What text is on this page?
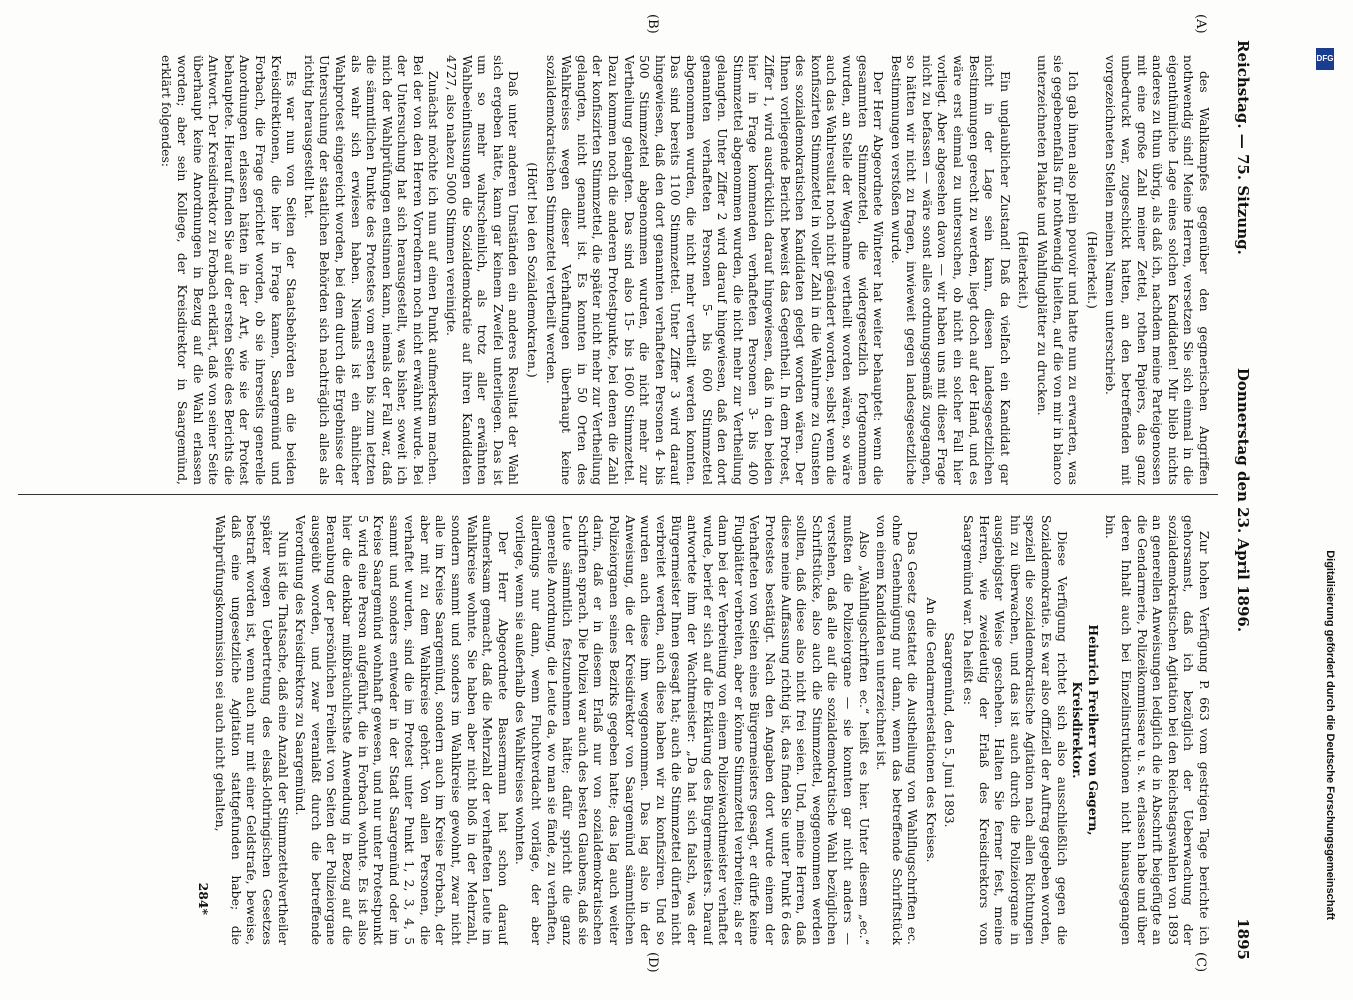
Reichstag. — 75. Sitzung.
Donnerstag den 23. April 1896.
1895
(A)
(B)
(C)
(D)

des Wahlkampfes gegenüber den gegnerischen Angriffen nothwendig sind! Meine Herren, versetzen Sie sich einmal in die eigenthümliche Lage eines solchen Kandidaten! Mir blieb nichts anderes zu thun übrig, als daß ich, nachdem meine Parteigenossen mit eine große Zahl meiner Zettel, rothen Papiers, das ganz unbedruckt war, zugeschickt hatten, an den betreffenden mit vorgezeichneten Stellen meinen Namen unterschrieb.

(Heiterkeit.)

Ich gab ihnen also plein pouvoir und hatte nun zu erwarten, was sie gegebenenfalls für nothwendig hielten, auf die von mir in blanco unterzeichneten Plakate und Wahlflugblätter zu drucken.

(Heiterkeit.)

Ein unglaublicher Zustand! Daß da vielfach ein Kandidat gar nicht in der Lage sein kann, diesen landesgesetzlichen Bestimmungen gerecht zu werden, liegt doch auf der Hand, und es wäre erst einmal zu untersuchen, ob nicht ein solcher Fall hier vorliegt. Aber abgesehen davon — wir haben uns mit dieser Frage nicht zu befassen — wäre sonst alles ordnungsgemäß zugegangen, so hätten wir nicht zu fragen, inwieweit gegen landesgesetzliche Bestimmungen verstoßen wurde.

Der Herr Abgeordnete Winterer hat weiter behauptet: wenn die gesammten Stimmzettel, die widergesetzlich fortgenommen wurden, an Stelle der Wegnahme vertheilt worden wären, so wäre auch das Wahlresultat noch nicht geändert worden, selbst wenn die konfiszirten Stimmzettel in voller Zahl in die Wahlurne zu Gunsten des sozialdemokratischen Kandidaten gelegt worden wären. Der Ihnen vorliegende Bericht beweist das Gegentheil. In dem Protest, Ziffer 1, wird ausdrücklich darauf hingewiesen, daß in den beiden hier in Frage kommenden verhafteten Personen 3- bis 400 Stimmzettel abgenommen wurden, die nicht mehr zur Vertheilung gelangten. Unter Ziffer 2 wird darauf hingewiesen, daß den dort genannten verhafteten Personen 5- bis 600 Stimmzettel abgenommen wurden, die nicht mehr vertheilt werden konnten. Das sind bereits 1100 Stimmzettel. Unter Ziffer 3 wird darauf hingewiesen, daß den dort genannten verhafteten Personen 4- bis 500 Stimmzettel abgenommen wurden, die nicht mehr zur Vertheilung gelangten. Das sind also 15- bis 1600 Stimmzettel. Dazu kommen noch die anderen Protestpunkte, bei denen die Zahl der konfiszirten Stimmzettel, die später nicht mehr zur Vertheilung gelangten, nicht genannt ist. Es konnten in 50 Orten des Wahlkreises wegen dieser Verhaftungen überhaupt keine sozialdemokratischen Stimmzettel vertheilt werden.

(Hört! bei den Sozialdemokraten.)

Daß unter anderen Umständen ein anderes Resultat der Wahl sich ergeben hätte, kann gar keinem Zweifel unterliegen. Das ist um so mehr wahrscheinlich, als trotz aller erwähnten Wahlbeeinflussungen die Sozialdemokratie auf ihren Kandidaten 4727, also nahezu 5000 Stimmen vereinigte.

Zunächst möchte ich nun auf einen Punkt aufmerksam machen. Bei der von den Herren Vorrednern noch nicht erwähnt wurde. Bei der Untersuchung hat sich herausgestellt, was bisher, soweit ich mich der Wahlprüfungen entsinnen kann, niemals der Fall war, daß die sämmtlichen Punkte des Protestes vom ersten bis zum letzten als wahr sich erwiesen haben. Niemals ist ein ähnlicher Wahlprotest eingereicht worden, bei dem durch die Ergebnisse der Untersuchung der staatlichen Behörden sich nachträglich alles als richtig herausgestellt hat.

Es war nun von Seiten der Staatsbehörden an die beiden Kreisdirektionen, die hier in Frage kamen, Saargemünd und Forbach, die Frage gerichtet worden, ob sie ihrerseits generelle Anordnungen erlassen hätten in der Art, wie sie der Protest behauptete. Hierauf finden Sie auf der ersten Seite des Berichts die Antwort. Der Kreisdirektor zu Forbach erklärt, daß von seiner Seite überhaupt keine Anordnungen in Bezug auf die Wahl erlassen worden; aber sein Kollege, der Kreisdirektor in Saargemünd, erklärt folgendes:

Zur hohen Verfügung P. 663 vom gestrigen Tage berichte ich gehorsamst, daß ich bezüglich der Ueberwachung der sozialdemokratischen Agitation bei den Reichstagswahlen von 1893 an generellen Anweisungen lediglich die in Abschrift beigefügte an die Gendarmerie, Polizeikommissare u. s. w. erlassen habe und über deren Inhalt auch bei Einzelinstruktionen nicht hinausgegangen bin.

Heinrich Freiherr von Gagern,

Kreisdirektor.

Diese Verfügung richtet sich also ausschließlich gegen die Sozialdemokratie. Es war also offiziell der Auftrag gegeben worden, speziell die sozialdemokratische Agitation nach allen Richtungen hin zu überwachen, und das ist auch durch die Polizeiorgane in ausgiebigster Weise geschehen. Halten Sie ferner fest, meine Herren, wie zweideutig der Erlaß des Kreisdirektors von Saargemünd war. Da heißt es:

Saargemünd, den 5. Juni 1893.

An die Gendarmeriestationen des Kreises.

Das Gesetz gestattet die Austheilung von Wahlflugschriften ec. ohne Genehmigung nur dann, wenn das betreffende Schriftstück von einem Kandidaten unterzeichnet ist.

Also „Wahlflugschriften ec.“ heißt es hier. Unter diesem „ec.“ mußten die Polizeiorgane — sie konnten gar nicht anders — verstehen, daß alle auf die sozialdemokratische Wahl bezüglichen Schriftstücke, also auch die Stimmzettel, weggenommen werden sollten, daß diese also nicht frei seien. Und, meine Herren, daß diese meine Auffassung richtig ist, das finden Sie unter Punkt 6 des Protestes bestätigt. Nach den Angaben dort wurde einem der Verhafteten von Seiten eines Bürgermeisters gesagt, er dürfe keine Flugblätter verbreiten, aber er könne Stimmzettel verbreiten; als er dann bei der Verbreitung von einem Polizeiwachtmeister verhaftet wurde, berief er sich auf die Erklärung des Bürgermeisters. Darauf antwortete ihm der Wachtmeister: „Da hat sich falsch, was der Bürgermeister Ihnen gesagt hat; auch die Stimmzettel dürfen nicht verbreitet werden, auch diese haben wir zu konfisziren. Und so wurden auch diese ihm weggenommen. Das lag also in der Anweisung, die der Kreisdirektor von Saargemünd sämmtlichen Polizeiorganen seines Bezirks gegeben hatte; das lag auch weiter darin, daß er in diesem Erlaß nur von sozialdemokratischen Schriften sprach. Die Polizei war auch des besten Glaubens, daß sie Leute sämmtlich festzunehmen hätte; dafür spricht die ganz generelle Anordnung, die Leute da, wo man sie fände, zu verhaften, allerdings nur dann, wenn Fluchtverdacht vorläge, der aber vorliege, wenn sie außerhalb des Wahlkreises wohnten.

Der Herr Abgeordnete Bassermann hat schon darauf aufmerksam gemacht, daß die Mehrzahl der verhafteten Leute im Wahlkreise wohnte. Sie haben aber nicht bloß in der Mehrzahl, sondern sammt und sonders im Wahlkreise gewohnt, zwar nicht alle im Kreise Saargemünd, sondern auch im Kreise Forbach, der aber mit zu dem Wahlkreise gehört. Von allen Personen, die verhaftet wurden, sind die im Protest unter Punkt 1, 2, 3, 4, 5 sammt und sonders entweder in der Stadt Saargemünd oder im Kreise Saargemünd wohnhaft gewesen, und nur unter Protestpunkt 5 wird eine Person aufgeführt, die in Forbach wohnte. Es ist also hier die denkbar mißbräuchlichste Anwendung in Bezug auf die Beraubung der persönlichen Freiheit von Seiten der Polizeiorgane ausgeübt worden, und zwar veranlaßt durch die betreffende Verordnung des Kreisdirektors zu Saargemünd.

Nun ist die Thatsache, daß eine Anzahl der Stimmzettelvertheiler später wegen Uebertretung des elsaß-lothringischen Gesetzes bestraft worden ist, wenn auch nur mit einer Geldstrafe, beweise, daß eine ungesetzliche Agitation stattgefunden habe; die Wahlprüfungskommission sei auch nicht gehalten,

284*

DFG
Digitalisierung gefördert durch die Deutsche Forschungsgemeinschaft
